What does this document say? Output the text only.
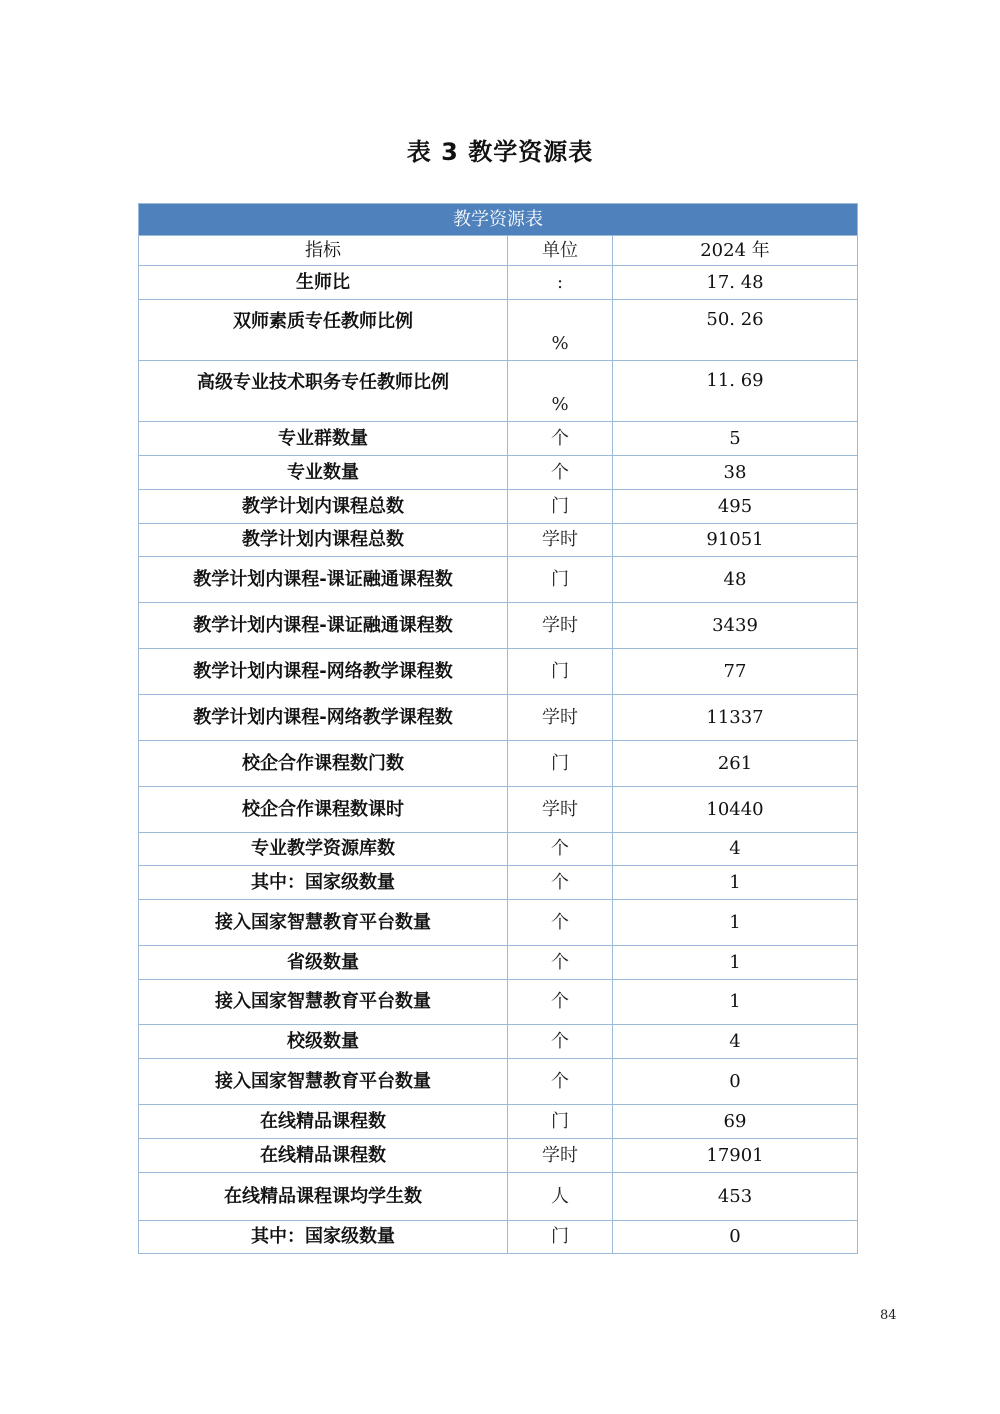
表 3 教学资源表
教学资源表		
指标	单位	2024 年
生师比	:	17. 48
双师素质专任教师比例	%	50. 26
高级专业技术职务专任教师比例	%	11. 69
专业群数量	个	5
专业数量	个	38
教学计划内课程总数	门	495
教学计划内课程总数	学时	91051
教学计划内课程-课证融通课程数	门	48
教学计划内课程-课证融通课程数	学时	3439
教学计划内课程-网络教学课程数	门	77
教学计划内课程-网络教学课程数	学时	11337
校企合作课程数门数	门	261
校企合作课程数课时	学时	10440
专业教学资源库数	个	4
其中：国家级数量	个	1
接入国家智慧教育平台数量	个	1
省级数量	个	1
接入国家智慧教育平台数量	个	1
校级数量	个	4
接入国家智慧教育平台数量	个	0
在线精品课程数	门	69
在线精品课程数	学时	17901
在线精品课程课均学生数	人	453
其中：国家级数量	门	0
84
